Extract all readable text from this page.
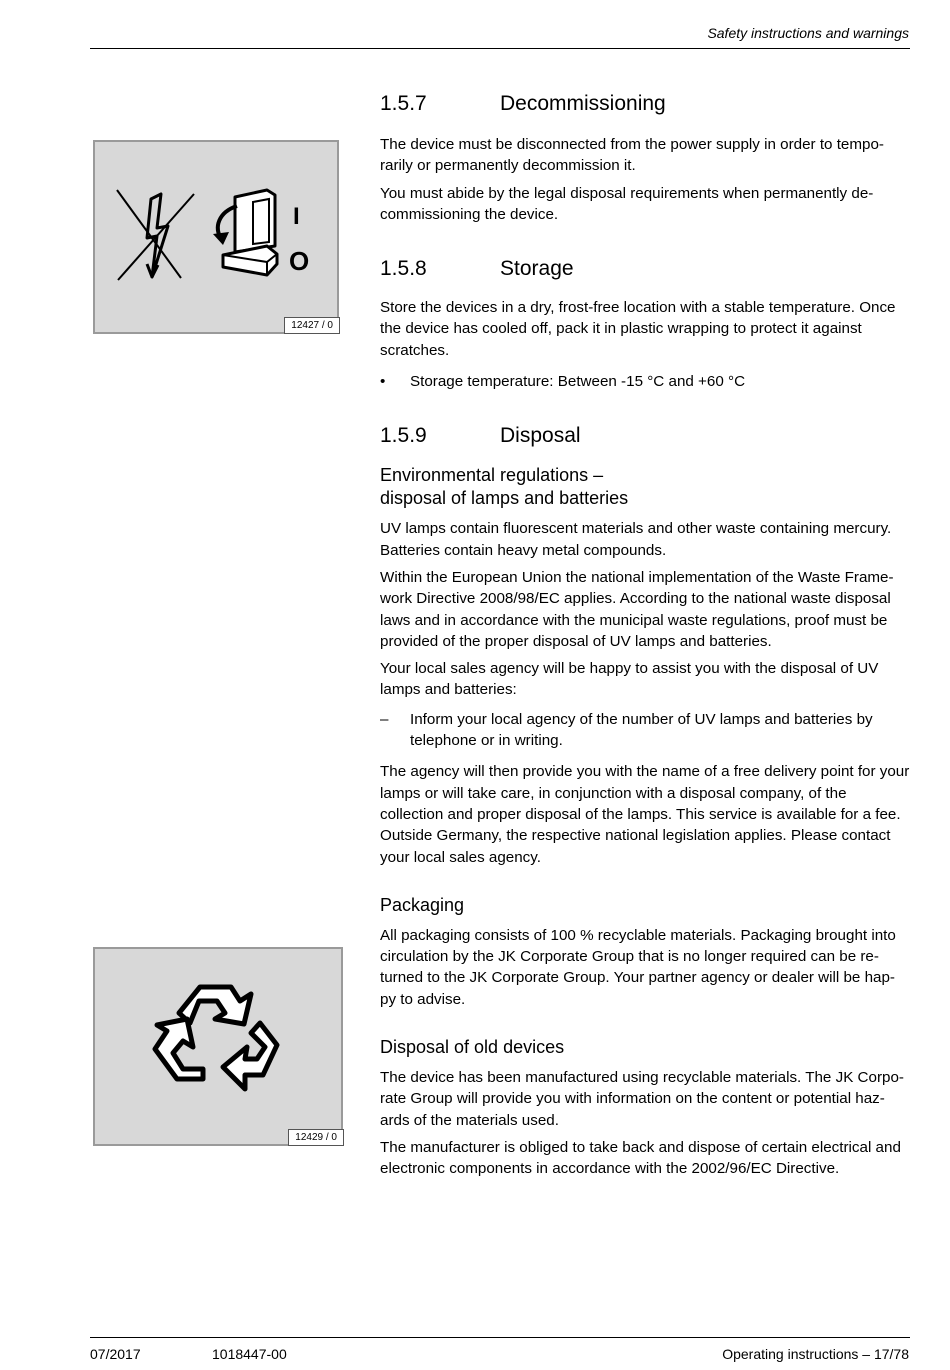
Safety instructions and warnings
I
O
12427 / 0
12429 / 0
1.5.7	Decommissioning

The device must be disconnected from the power supply in order to tempo-rarily or permanently decommission it.

You must abide by the legal disposal requirements when permanently de-commissioning the device.

1.5.8	Storage

Store the devices in a dry, frost-free location with a stable temperature. Once the device has cooled off, pack it in plastic wrapping to protect it against scratches.

• Storage temperature: Between -15 °C and +60 °C
1.5.9	Disposal
Environmental regulations –
disposal of lamps and batteries

UV lamps contain fluorescent materials and other waste containing mercury. Batteries contain heavy metal compounds.

Within the European Union the national implementation of the Waste Frame-work Directive 2008/98/EC applies. According to the national waste disposal laws and in accordance with the municipal waste regulations, proof must be provided of the proper disposal of UV lamps and batteries.

Your local sales agency will be happy to assist you with the disposal of UV lamps and batteries:

– Inform your local agency of the number of UV lamps and batteries by telephone or in writing.

The agency will then provide you with the name of a free delivery point for your lamps or will take care, in conjunction with a disposal company, of the collection and proper disposal of the lamps. This service is available for a fee. Outside Germany, the respective national legislation applies. Please contact your local sales agency.

Packaging

All packaging consists of 100 % recyclable materials. Packaging brought into circulation by the JK Corporate Group that is no longer required can be re-turned to the JK Corporate Group. Your partner agency or dealer will be hap-py to advise.

Disposal of old devices

The device has been manufactured using recyclable materials. The JK Corpo-rate Group will provide you with information on the content or potential haz-ards of the materials used.

The manufacturer is obliged to take back and dispose of certain electrical and electronic components in accordance with the 2002/96/EC Directive.

07/2017	1018447-00	Operating instructions – 17/78
